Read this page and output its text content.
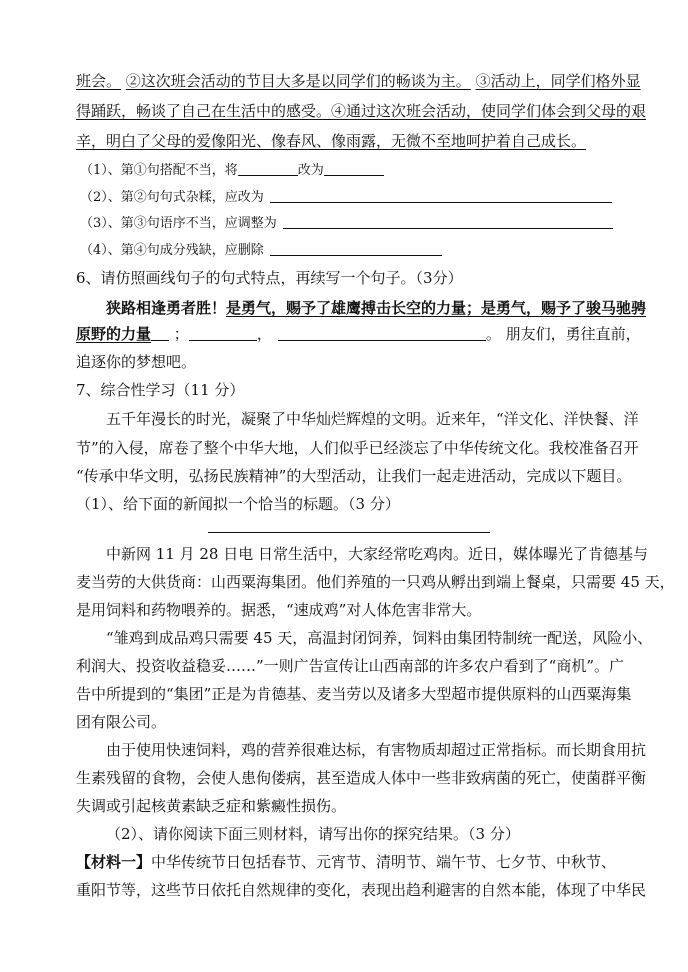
班会。 ②这次班会活动的节目大多是以同学们的畅谈为主。 ③活动上，同学们格外显
得踊跃，畅谈了自己在生活中的感受。④通过这次班会活动，使同学们体会到父母的艰
辛，明白了父母的爱像阳光、像春风、像雨露，无微不至地呵护着自己成长。
（1）、第①句搭配不当，将	改为
（2）、第②句句式杂糅，应改为
（3）、第③句语序不当，应调整为
（4）、第④句成分残缺，应删除
6、请仿照画线句子的句式特点，再续写一个句子。（3分）
狭路相逢勇者胜！是勇气，赐予了雄鹰搏击长空的力量；是勇气，赐予了骏马驰骋
原野的力量 ；	，	。 朋友们，勇往直前，
追逐你的梦想吧。
7、综合性学习（11 分）
五千年漫长的时光，凝聚了中华灿烂辉煌的文明。近来年，“洋文化、洋快餐、洋
节”的入侵，席卷了整个中华大地，人们似乎已经淡忘了中华传统文化。我校准备召开
“传承中华文明，弘扬民族精神”的大型活动，让我们一起走进活动，完成以下题目。
（1）、给下面的新闻拟一个恰当的标题。（3 分）
中新网 11 月 28 日电 日常生活中，大家经常吃鸡肉。近日，媒体曝光了肯德基与
麦当劳的大供货商：山西粟海集团。他们养殖的一只鸡从孵出到端上餐桌，只需要 45 天，
是用饲料和药物喂养的。据悉，“速成鸡”对人体危害非常大。
“雏鸡到成品鸡只需要 45 天，高温封闭饲养，饲料由集团特制统一配送，风险小、
利润大、投资收益稳妥……”一则广告宣传让山西南部的许多农户看到了“商机”。广
告中所提到的“集团”正是为肯德基、麦当劳以及诸多大型超市提供原料的山西粟海集
团有限公司。
由于使用快速饲料，鸡的营养很难达标，有害物质却超过正常指标。而长期食用抗
生素残留的食物，会使人患佝偻病，甚至造成人体中一些非致病菌的死亡，使菌群平衡
失调或引起核黄素缺乏症和紫癜性损伤。
（2）、请你阅读下面三则材料，请写出你的探究结果。（3 分）
【材料一】中华传统节日包括春节、元宵节、清明节、端午节、七夕节、中秋节、
重阳节等，这些节日依托自然规律的变化，表现出趋利避害的自然本能，体现了中华民
